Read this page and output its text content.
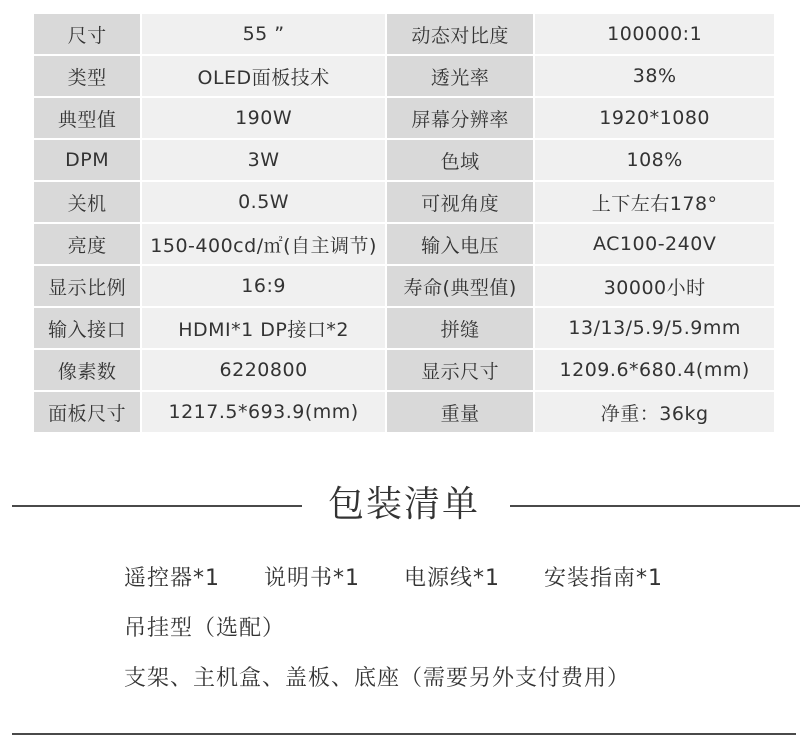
尺寸	55 ”	动态对比度	100000:1
类型	OLED面板技术	透光率	38%
典型值	190W	屏幕分辨率	1920*1080
DPM	3W	色域	108%
关机	0.5W	可视角度	上下左右178°
亮度	150-400cd/㎡(自主调节)	输入电压	AC100-240V
显示比例	16:9	寿命(典型值)	30000小时
输入接口	HDMI*1 DP接口*2	拼缝	13/13/5.9/5.9mm
像素数	6220800	显示尺寸	1209.6*680.4(mm)
面板尺寸	1217.5*693.9(mm)	重量	净重：36kg
包装清单
遥控器*1 说明书*1 电源线*1 安装指南*1
吊挂型（选配）
支架、主机盒、盖板、底座（需要另外支付费用）
